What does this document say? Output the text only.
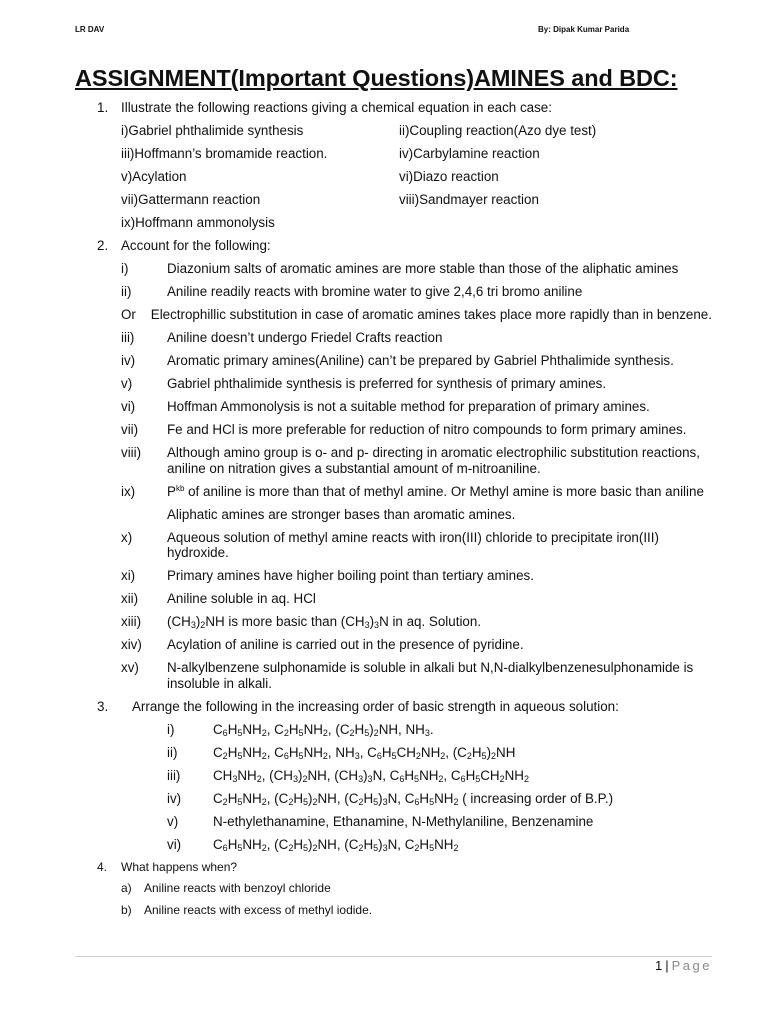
LR DAV	By: Dipak Kumar Parida
ASSIGNMENT(Important Questions)AMINES and BDC:
1. Illustrate the following reactions giving a chemical equation in each case:
i)Gabriel phthalimide synthesis	ii)Coupling reaction(Azo dye test)
iii)Hoffmann’s bromamide reaction.	iv)Carbylamine reaction
v)Acylation	vi)Diazo reaction
vii)Gattermann reaction	viii)Sandmayer reaction
ix)Hoffmann ammonolysis
2. Account for the following:
i)	Diazonium salts of aromatic amines are more stable than those of the aliphatic amines
ii)	Aniline readily reacts with bromine water to give 2,4,6 tri bromo aniline
Or    Electrophillic substitution in case of aromatic amines takes place more rapidly than in benzene.
iii) Aniline doesn’t undergo Friedel Crafts reaction
iv) Aromatic primary amines(Aniline) can’t be prepared by Gabriel Phthalimide synthesis.
v)	Gabriel phthalimide synthesis is preferred for synthesis of primary amines.
vi) Hoffman Ammonolysis is not a suitable method for preparation of primary amines.
vii) Fe and HCl is more preferable for reduction of nitro compounds to form primary amines.
viii) Although amino group is o- and p- directing in aromatic electrophilic substitution reactions, aniline on nitration gives a substantial amount of m-nitroaniline.
ix) $P^{kb}$ of aniline is more than that of methyl amine. Or Methyl amine is more basic than aniline
Aliphatic amines are stronger bases than aromatic amines.
x)	Aqueous solution of methyl amine reacts with iron(III) chloride to precipitate iron(III) hydroxide.
xi) Primary amines have higher boiling point than tertiary amines.
xii) Aniline soluble in aq. HCl
xiii) $(CH_3)_2NH$ is more basic than $(CH_3)_3N$ in aq. Solution.
xiv) Acylation of aniline is carried out in the presence of pyridine.
xv) N-alkylbenzene sulphonamide is soluble in alkali but N,N-dialkylbenzenesulphonamide is insoluble in alkali.
3. Arrange the following in the increasing order of basic strength in aqueous solution:
i)	$C_6H_5NH_2$, $C_2H_5NH_2$, $(C_2H_5)_2NH$, $NH_3$.
ii)	$C_2H_5NH_2$, $C_6H_5NH_2$, $NH_3$, $C_6H_5CH_2NH_2$, $(C_2H_5)_2NH$
iii) $CH_3NH_2$, $(CH_3)_2NH$, $(CH_3)_3N$, $C_6H_5NH_2$, $C_6H_5CH_2NH_2$
iv) $C_2H_5NH_2$, $(C_2H_5)_2NH$, $(C_2H_5)_3N$, $C_6H_5NH_2$ ( increasing order of B.P.)
v)	N-ethylethanamine, Ethanamine, N-Methylaniline, Benzenamine
vi) $C_6H_5NH_2$, $(C_2H_5)_2NH$, $(C_2H_5)_3N$, $C_2H_5NH_2$
4. What happens when?
a) Aniline reacts with benzoyl chloride
b) Aniline reacts with excess of methyl iodide.
1 | Page
